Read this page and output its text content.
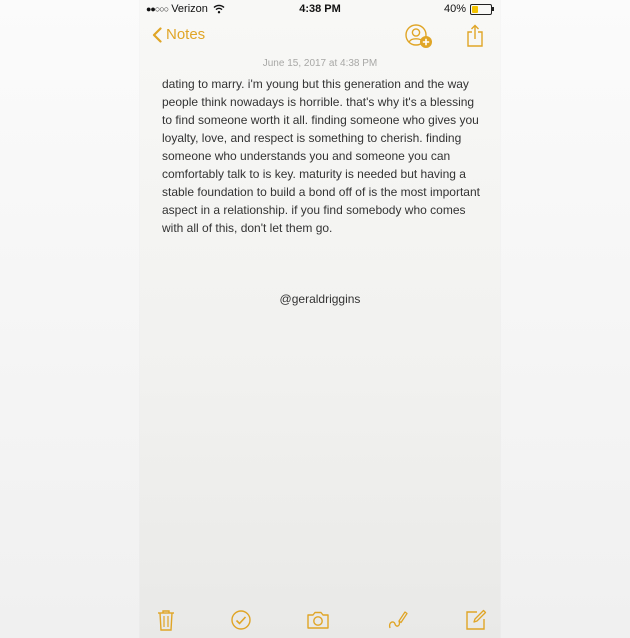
●●○○○ Verizon	4:38 PM	40%
Notes
June 15, 2017 at 4:38 PM
dating to marry. i'm young but this generation and the way people think nowadays is horrible. that's why it's a blessing to find someone worth it all. finding someone who gives you loyalty, love, and respect is something to cherish. finding someone who understands you and someone you can comfortably talk to is key. maturity is needed but having a stable foundation to build a bond off of is the most important aspect in a relationship. if you find somebody who comes with all of this, don't let them go.
@geraldriggins
